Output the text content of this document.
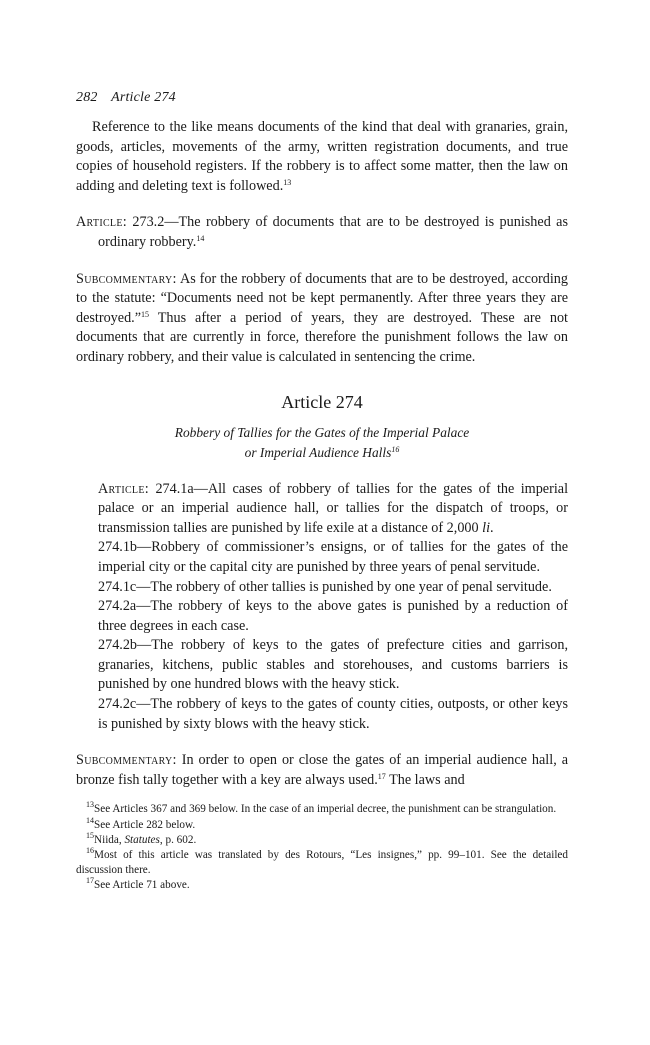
282 Article 274

Reference to the like means documents of the kind that deal with granaries, grain, goods, articles, movements of the army, written registration documents, and true copies of household registers. If the robbery is to affect some matter, then the law on adding and deleting text is followed.$^{13}$

Article: 273.2—The robbery of documents that are to be destroyed is punished as ordinary robbery.$^{14}$

Subcommentary: As for the robbery of documents that are to be destroyed, according to the statute: “Documents need not be kept permanently. After three years they are destroyed.”$^{15}$ Thus after a period of years, they are destroyed. These are not documents that are currently in force, therefore the punishment follows the law on ordinary robbery, and their value is calculated in sentencing the crime.

Article 274
Robbery of Tallies for the Gates of the Imperial Palace
or Imperial Audience Halls$^{16}$

Article: 274.1a—All cases of robbery of tallies for the gates of the imperial palace or an imperial audience hall, or tallies for the dispatch of troops, or transmission tallies are punished by life exile at a distance of 2,000 li.

274.1b—Robbery of commissioner’s ensigns, or of tallies for the gates of the imperial city or the capital city are punished by three years of penal servitude.

274.1c—The robbery of other tallies is punished by one year of penal servitude.

274.2a—The robbery of keys to the above gates is punished by a reduction of three degrees in each case.

274.2b—The robbery of keys to the gates of prefecture cities and garrison, granaries, kitchens, public stables and storehouses, and customs barriers is punished by one hundred blows with the heavy stick.

274.2c—The robbery of keys to the gates of county cities, outposts, or other keys is punished by sixty blows with the heavy stick.

Subcommentary: In order to open or close the gates of an imperial audience hall, a bronze fish tally together with a key are always used.$^{17}$ The laws and

$^{13}$See Articles 367 and 369 below. In the case of an imperial decree, the punishment can be strangulation.

$^{14}$See Article 282 below.

$^{15}$Niida, Statutes, p. 602.

$^{16}$Most of this article was translated by des Rotours, “Les insignes,” pp. 99–101. See the detailed discussion there.

$^{17}$See Article 71 above.
